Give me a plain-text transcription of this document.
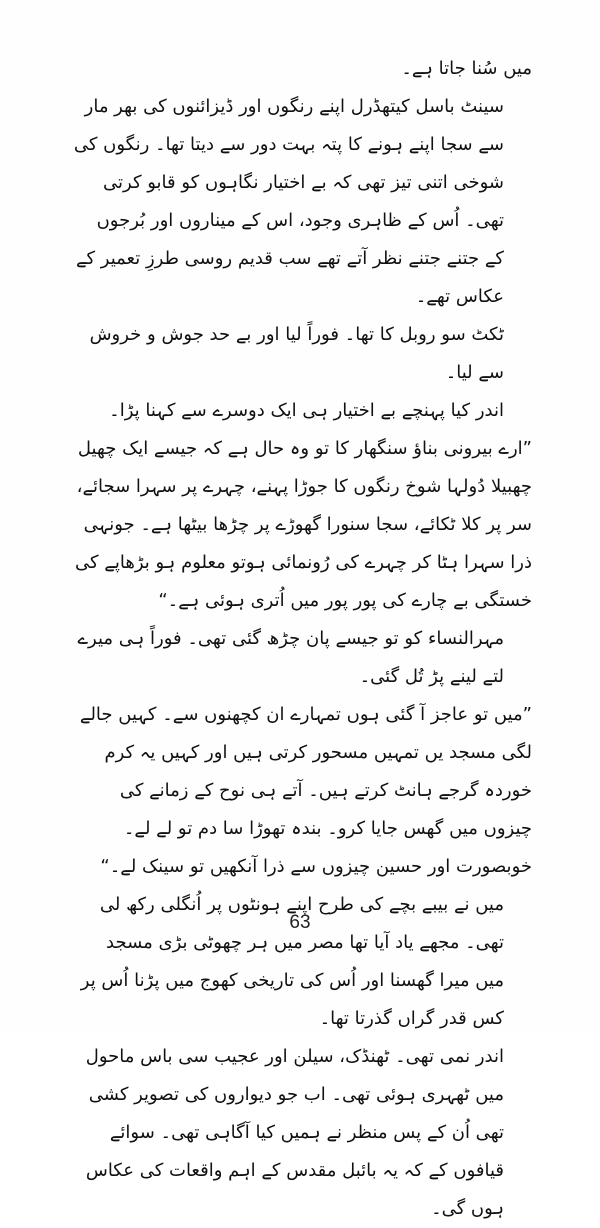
میں سُنا جاتا ہے۔

سینٹ باسل کیتھڈرل اپنے رنگوں اور ڈیزائنوں کی بھر مار سے سجا اپنے ہونے کا پتہ بہت دور سے دیتا تھا۔ رنگوں کی شوخی اتنی تیز تھی کہ بے اختیار نگاہوں کو قابو کرتی تھی۔ اُس کے ظاہری وجود، اس کے میناروں اور بُرجوں کے جتنے جتنے نظر آتے تھے سب قدیم روسی طرزِ تعمیر کے عکاس تھے۔

ٹکٹ سو روبل کا تھا۔ فوراً لیا اور بے حد جوش و خروش سے لیا۔

اندر کیا پہنچے بے اختیار ہی ایک دوسرے سے کہنا پڑا۔

”ارے بیرونی بناؤ سنگھار کا تو وہ حال ہے کہ جیسے ایک چھیل چھبیلا دُولہا شوخ رنگوں کا جوڑا پہنے، چہرے پر سہرا سجائے، سر پر کلا ٹکائے، سجا سنورا گھوڑے پر چڑھا بیٹھا ہے۔ جونہی ذرا سہرا ہٹا کر چہرے کی رُونمائی ہوتو معلوم ہو بڑھاپے کی خستگی بے چارے کی پور پور میں اُتری ہوئی ہے۔“

مہرالنساء کو تو جیسے پان چڑھ گئی تھی۔ فوراً ہی میرے لتے لینے پڑ تُل گئی۔

”میں تو عاجز آ گئی ہوں تمہارے ان کچھنوں سے۔ کہیں جالے لگی مسجد یں تمہیں مسحور کرتی ہیں اور کہیں یہ کرم خوردہ گرجے ہانٹ کرتے ہیں۔ آتے ہی نوح کے زمانے کی چیزوں میں گھس جایا کرو۔ بندہ تھوڑا سا دم تو لے لے۔ خوبصورت اور حسین چیزوں سے ذرا آنکھیں تو سینک لے۔“

میں نے بیبے بچے کی طرح اپنے ہونٹوں پر اُنگلی رکھ لی تھی۔ مجھے یاد آیا تھا مصر میں ہر چھوٹی بڑی مسجد میں میرا گھسنا اور اُس کی تاریخی کھوج میں پڑنا اُس پر کس قدر گراں گذرتا تھا۔

اندر نمی تھی۔ ٹھنڈک، سیلن اور عجیب سی باس ماحول میں ٹھہری ہوئی تھی۔ اب جو دیواروں کی تصویر کشی تھی اُن کے پس منظر نے ہمیں کیا آگاہی تھی۔ سوائے قیافوں کے کہ یہ بائبل مقدس کے اہم واقعات کی عکاس ہوں گی۔

63
